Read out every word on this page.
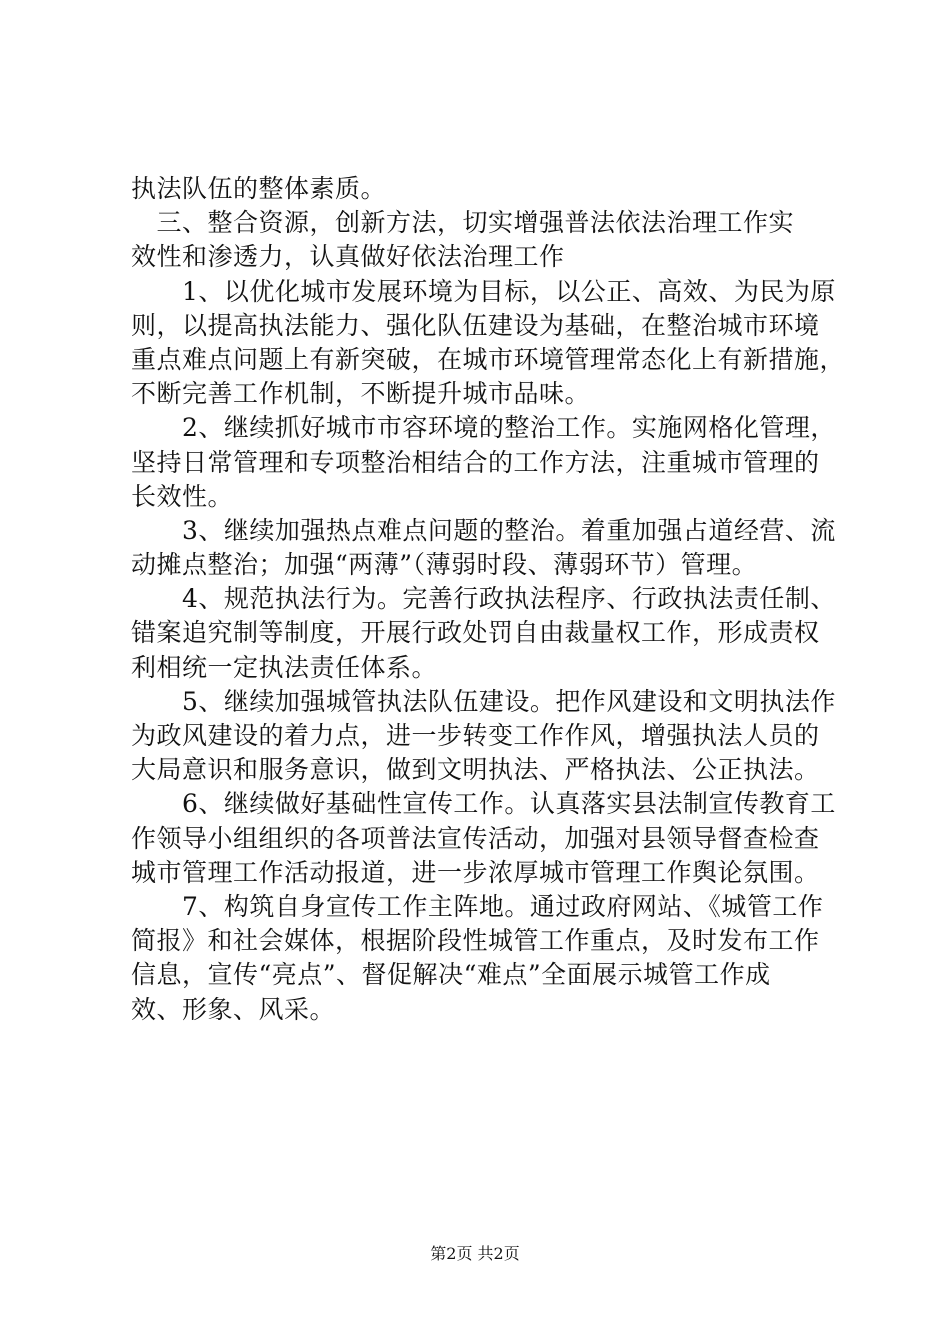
执法队伍的整体素质。
　三、整合资源，创新方法，切实增强普法依法治理工作实
效性和渗透力，认真做好依法治理工作
　　1、以优化城市发展环境为目标，以公正、高效、为民为原
则，以提高执法能力、强化队伍建设为基础，在整治城市环境
重点难点问题上有新突破，在城市环境管理常态化上有新措施，
不断完善工作机制，不断提升城市品味。
　　2、继续抓好城市市容环境的整治工作。实施网格化管理，
坚持日常管理和专项整治相结合的工作方法，注重城市管理的
长效性。
　　3、继续加强热点难点问题的整治。着重加强占道经营、流
动摊点整治；加强“两薄”（薄弱时段、薄弱环节）管理。
　　4、规范执法行为。完善行政执法程序、行政执法责任制、
错案追究制等制度，开展行政处罚自由裁量权工作，形成责权
利相统一定执法责任体系。
　　5、继续加强城管执法队伍建设。把作风建设和文明执法作
为政风建设的着力点，进一步转变工作作风，增强执法人员的
大局意识和服务意识，做到文明执法、严格执法、公正执法。
　　6、继续做好基础性宣传工作。认真落实县法制宣传教育工
作领导小组组织的各项普法宣传活动，加强对县领导督查检查
城市管理工作活动报道，进一步浓厚城市管理工作舆论氛围。
　　7、构筑自身宣传工作主阵地。通过政府网站、《城管工作
简报》和社会媒体，根据阶段性城管工作重点，及时发布工作
信息，宣传“亮点”、督促解决“难点”全面展示城管工作成
效、形象、风采。
第2页 共2页
